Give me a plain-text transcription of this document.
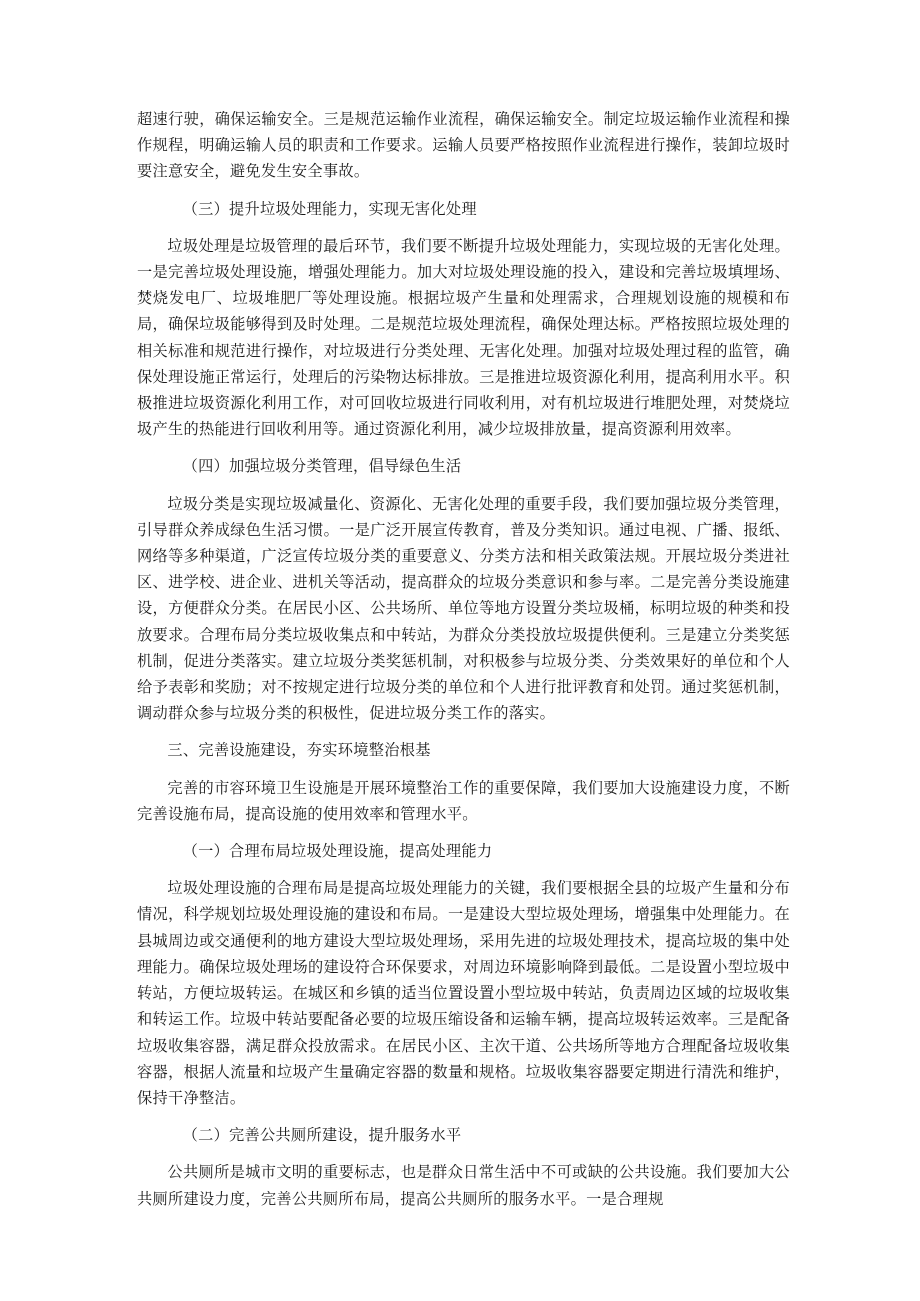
超速行驶，确保运输安全。三是规范运输作业流程，确保运输安全。制定垃圾运输作业流程和操作规程，明确运输人员的职责和工作要求。运输人员要严格按照作业流程进行操作，装卸垃圾时要注意安全，避免发生安全事故。

（三）提升垃圾处理能力，实现无害化处理

垃圾处理是垃圾管理的最后环节，我们要不断提升垃圾处理能力，实现垃圾的无害化处理。一是完善垃圾处理设施，增强处理能力。加大对垃圾处理设施的投入，建设和完善垃圾填埋场、焚烧发电厂、垃圾堆肥厂等处理设施。根据垃圾产生量和处理需求，合理规划设施的规模和布局，确保垃圾能够得到及时处理。二是规范垃圾处理流程，确保处理达标。严格按照垃圾处理的相关标准和规范进行操作，对垃圾进行分类处理、无害化处理。加强对垃圾处理过程的监管，确保处理设施正常运行，处理后的污染物达标排放。三是推进垃圾资源化利用，提高利用水平。积极推进垃圾资源化利用工作，对可回收垃圾进行同收利用，对有机垃圾进行堆肥处理，对焚烧垃圾产生的热能进行回收利用等。通过资源化利用，减少垃圾排放量，提高资源利用效率。

（四）加强垃圾分类管理，倡导绿色生活

垃圾分类是实现垃圾减量化、资源化、无害化处理的重要手段，我们要加强垃圾分类管理，引导群众养成绿色生活习惯。一是广泛开展宣传教育，普及分类知识。通过电视、广播、报纸、网络等多种渠道，广泛宣传垃圾分类的重要意义、分类方法和相关政策法规。开展垃圾分类进社区、进学校、进企业、进机关等活动，提高群众的垃圾分类意识和参与率。二是完善分类设施建设，方便群众分类。在居民小区、公共场所、单位等地方设置分类垃圾桶，标明垃圾的种类和投放要求。合理布局分类垃圾收集点和中转站，为群众分类投放垃圾提供便利。三是建立分类奖惩机制，促进分类落实。建立垃圾分类奖惩机制，对积极参与垃圾分类、分类效果好的单位和个人给予表彰和奖励；对不按规定进行垃圾分类的单位和个人进行批评教育和处罚。通过奖惩机制，调动群众参与垃圾分类的积极性，促进垃圾分类工作的落实。

三、完善设施建设，夯实环境整治根基

完善的市容环境卫生设施是开展环境整治工作的重要保障，我们要加大设施建设力度，不断完善设施布局，提高设施的使用效率和管理水平。

（一）合理布局垃圾处理设施，提高处理能力

垃圾处理设施的合理布局是提高垃圾处理能力的关键，我们要根据全县的垃圾产生量和分布情况，科学规划垃圾处理设施的建设和布局。一是建设大型垃圾处理场，增强集中处理能力。在县城周边或交通便利的地方建设大型垃圾处理场，采用先进的垃圾处理技术，提高垃圾的集中处理能力。确保垃圾处理场的建设符合环保要求，对周边环境影响降到最低。二是设置小型垃圾中转站，方便垃圾转运。在城区和乡镇的适当位置设置小型垃圾中转站，负责周边区域的垃圾收集和转运工作。垃圾中转站要配备必要的垃圾压缩设备和运输车辆，提高垃圾转运效率。三是配备垃圾收集容器，满足群众投放需求。在居民小区、主次干道、公共场所等地方合理配备垃圾收集容器，根据人流量和垃圾产生量确定容器的数量和规格。垃圾收集容器要定期进行清洗和维护，保持干净整洁。

（二）完善公共厕所建设，提升服务水平

公共厕所是城市文明的重要标志，也是群众日常生活中不可或缺的公共设施。我们要加大公共厕所建设力度，完善公共厕所布局，提高公共厕所的服务水平。一是合理规
